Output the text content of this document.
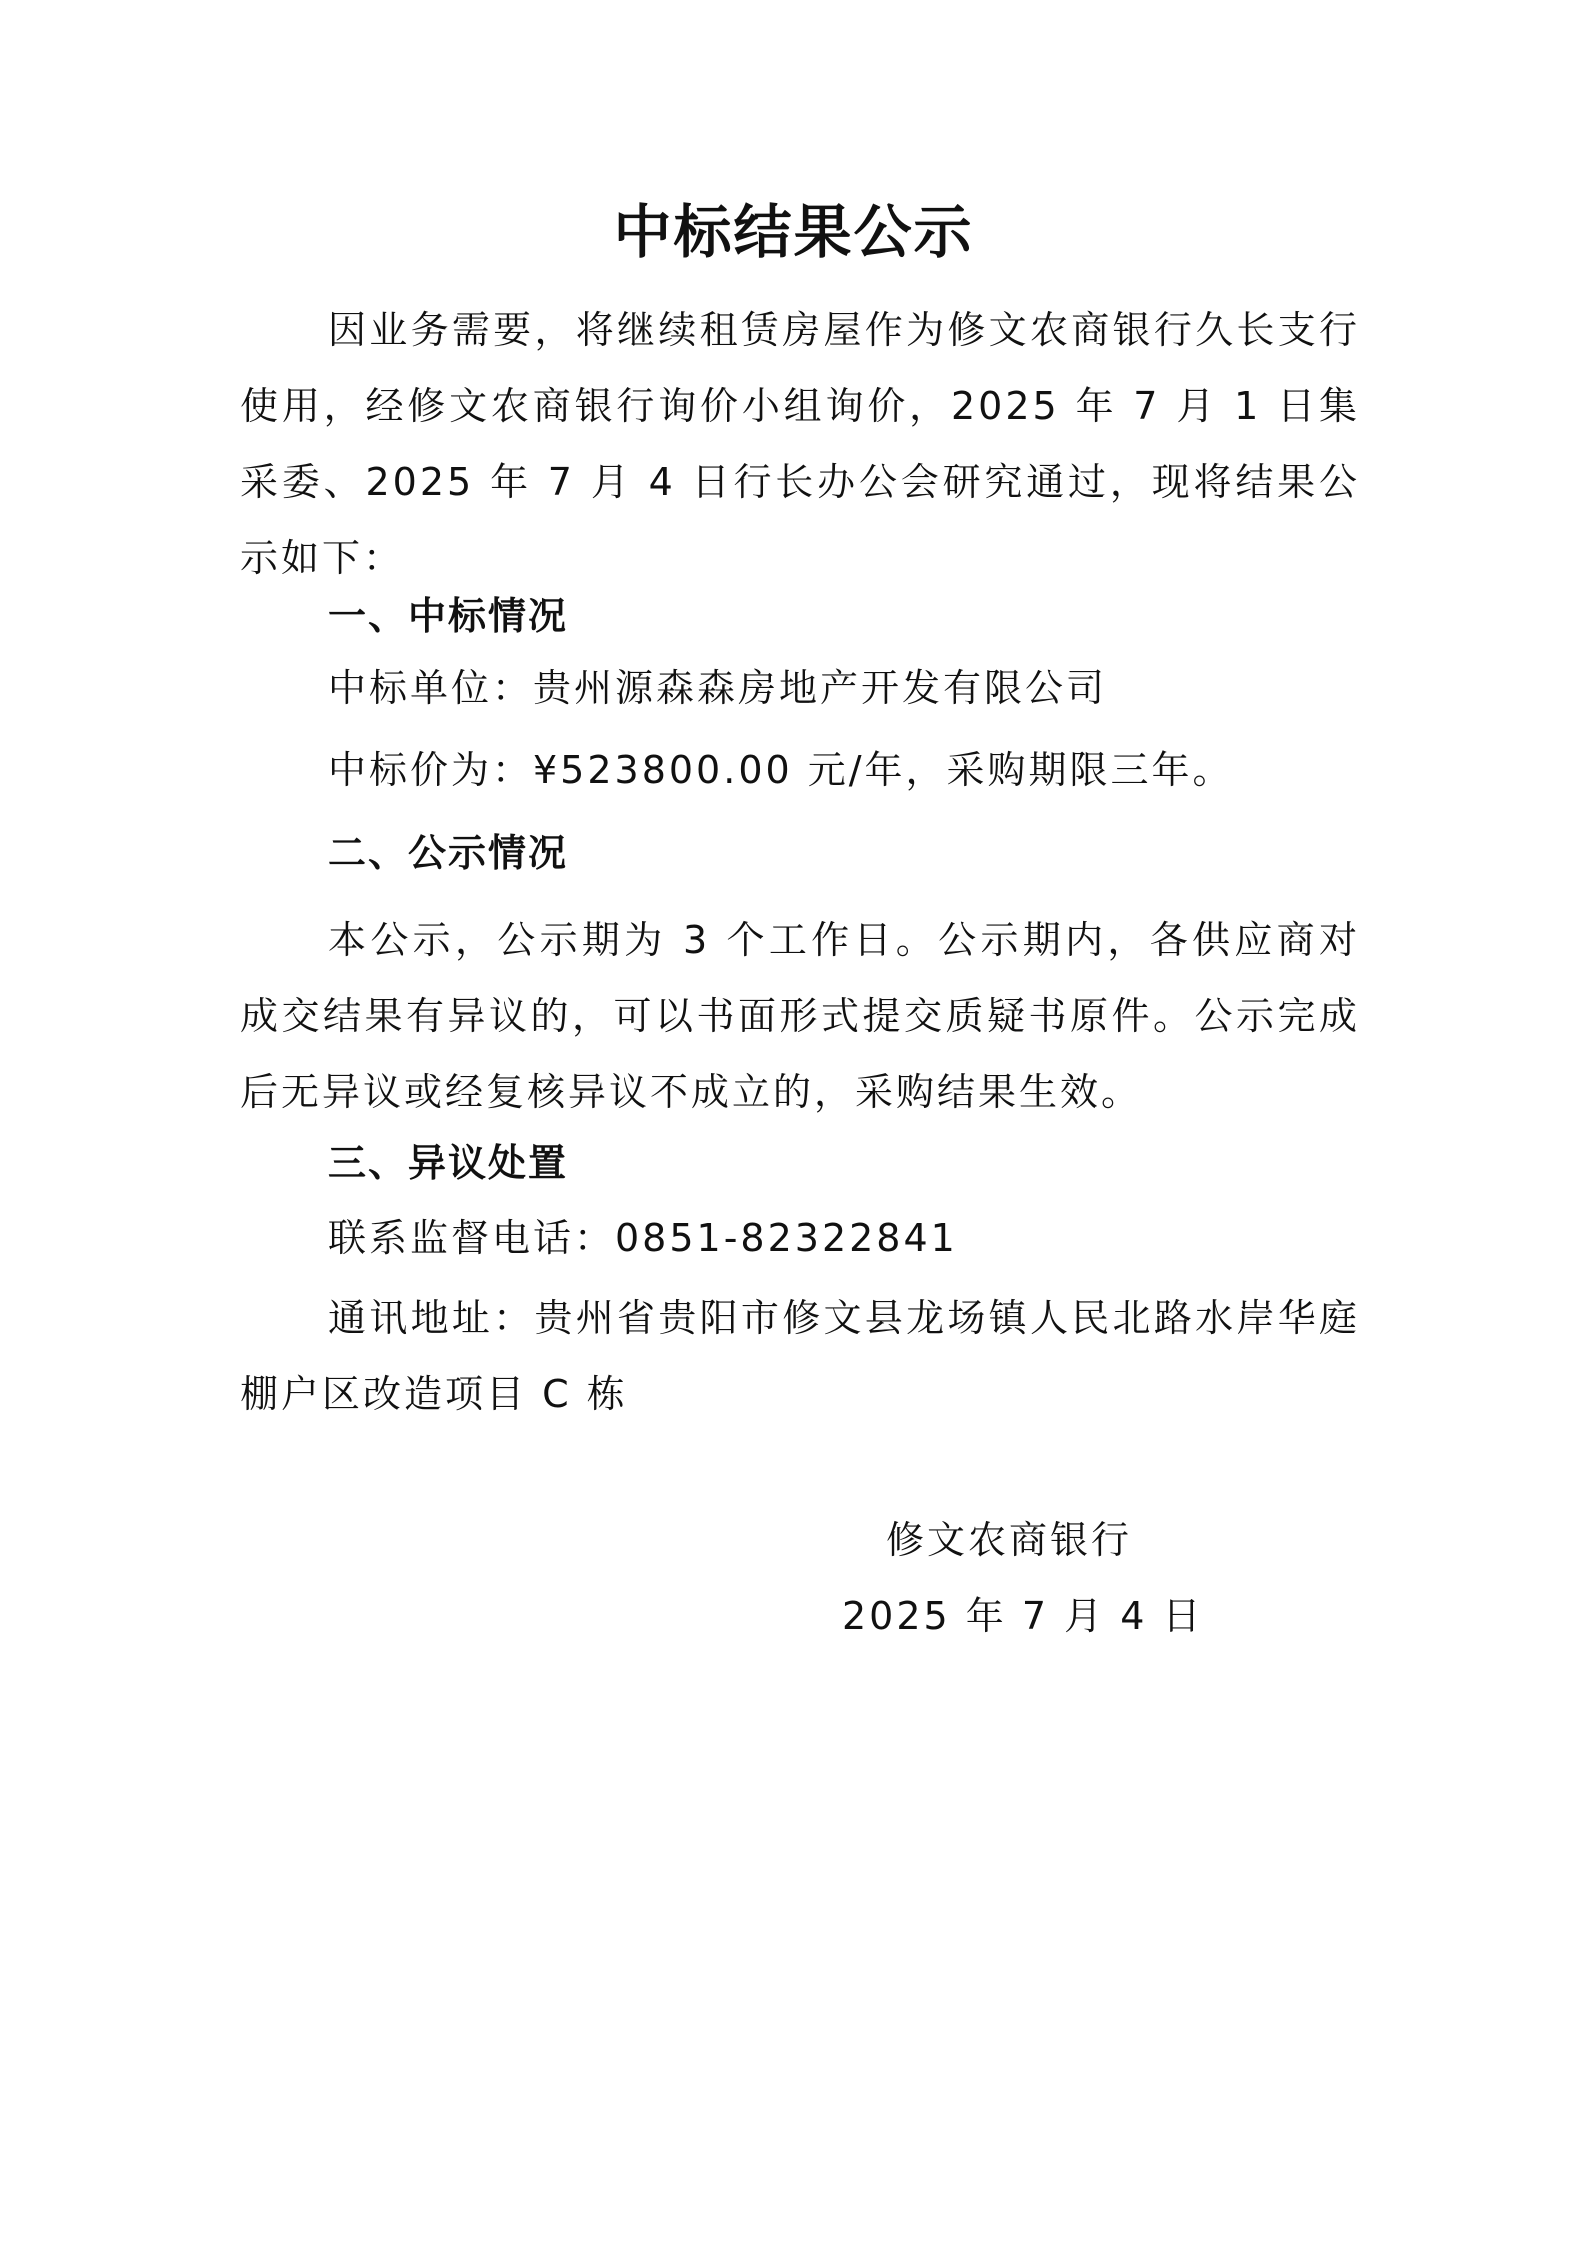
中标结果公示

因业务需要，将继续租赁房屋作为修文农商银行久长支行使用，经修文农商银行询价小组询价，2025 年 7 月 1 日集采委、2025 年 7 月 4 日行长办公会研究通过，现将结果公示如下：

一、中标情况

中标单位：贵州源森森房地产开发有限公司

中标价为：¥523800.00 元/年，采购期限三年。

二、公示情况

本公示，公示期为 3 个工作日。公示期内，各供应商对成交结果有异议的，可以书面形式提交质疑书原件。公示完成后无异议或经复核异议不成立的，采购结果生效。

三、异议处置

联系监督电话：0851-82322841

通讯地址：贵州省贵阳市修文县龙场镇人民北路水岸华庭棚户区改造项目 C 栋

修文农商银行
2025 年 7 月 4 日
